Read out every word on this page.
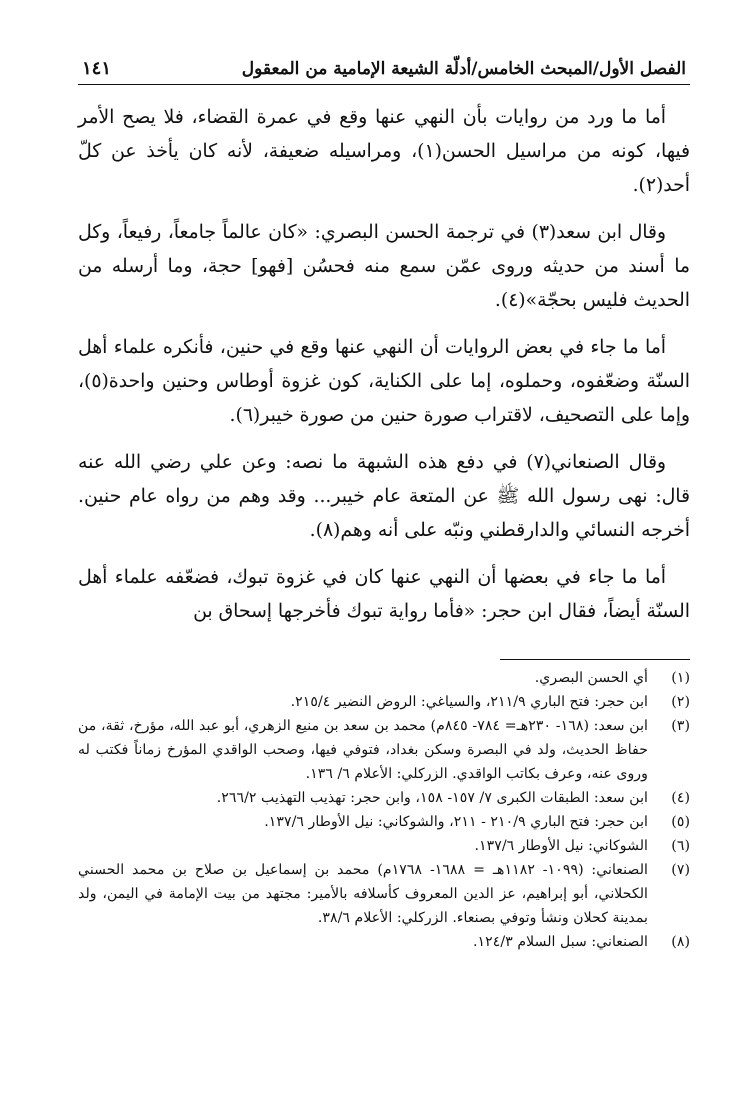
الفصل الأول/المبحث الخامس/أدلّة الشيعة الإمامية من المعقول
١٤١

أما ما ورد من روايات بأن النهي عنها وقع في عمرة القضاء، فلا يصح الأمر فيها، كونه من مراسيل الحسن(١)، ومراسيله ضعيفة، لأنه كان يأخذ عن كلّ أحد(٢).

وقال ابن سعد(٣) في ترجمة الحسن البصري: «كان عالماً جامعاً، رفيعاً، وكل ما أسند من حديثه وروى عمّن سمع منه فحسُن [فهو] حجة، وما أرسله من الحديث فليس بحجّة»(٤).

أما ما جاء في بعض الروايات أن النهي عنها وقع في حنين، فأنكره علماء أهل السنّة وضعّفوه، وحملوه، إما على الكناية، كون غزوة أوطاس وحنين واحدة(٥)، وإما على التصحيف، لاقتراب صورة حنين من صورة خيبر(٦).

وقال الصنعاني(٧) في دفع هذه الشبهة ما نصه: وعن علي رضي الله عنه قال: نهى رسول الله ﷺ عن المتعة عام خيبر... وقد وهم من رواه عام حنين. أخرجه النسائي والدارقطني ونبّه على أنه وهم(٨).

أما ما جاء في بعضها أن النهي عنها كان في غزوة تبوك، فضعّفه علماء أهل السنّة أيضاً، فقال ابن حجر: «فأما رواية تبوك فأخرجها إسحاق بن

(١)
أي الحسن البصري.
(٢)
ابن حجر: فتح الباري ٢١١/٩، والسياغي: الروض النضير ٢١٥/٤.
(٣)
ابن سعد: (١٦٨- ٢٣٠هـ= ٧٨٤- ٨٤٥م) محمد بن سعد بن منيع الزهري، أبو عبد الله، مؤرخ، ثقة، من حفاظ الحديث، ولد في البصرة وسكن بغداد، فتوفي فيها، وصحب الواقدي المؤرخ زماناً فكتب له وروى عنه، وعرف بكاتب الواقدي. الزركلي: الأعلام ٦/ ١٣٦.
(٤)
ابن سعد: الطبقات الكبرى ٧/ ١٥٧- ١٥٨، وابن حجر: تهذيب التهذيب ٢٦٦/٢.
(٥)
ابن حجر: فتح الباري ٢١٠/٩ - ٢١١، والشوكاني: نيل الأوطار ١٣٧/٦.
(٦)
الشوكاني: نيل الأوطار ١٣٧/٦.
(٧)
الصنعاني: (١٠٩٩- ١١٨٢هـ = ١٦٨٨- ١٧٦٨م) محمد بن إسماعيل بن صلاح بن محمد الحسني الكحلاني، أبو إبراهيم، عز الدين المعروف كأسلافه بالأمير: مجتهد من بيت الإمامة في اليمن، ولد بمدينة كحلان ونشأ وتوفي بصنعاء. الزركلي: الأعلام ٣٨/٦.
(٨)
الصنعاني: سبل السلام ١٢٤/٣.
